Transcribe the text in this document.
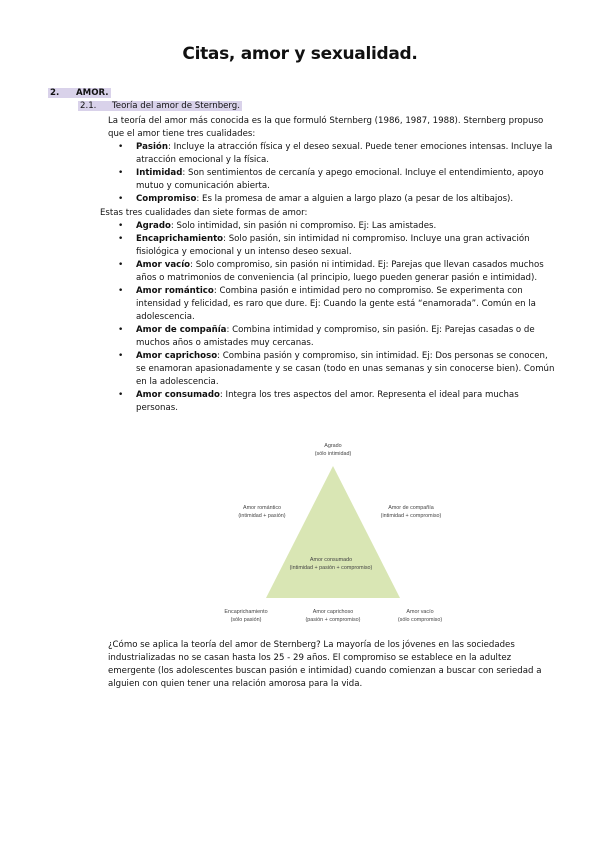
Citas, amor y sexualidad.
2. AMOR.
2.1. Teoría del amor de Sternberg.
La teoría del amor más conocida es la que formuló Sternberg (1986, 1987, 1988). Sternberg propuso que el amor tiene tres cualidades:
• Pasión: Incluye la atracción física y el deseo sexual. Puede tener emociones intensas. Incluye la atracción emocional y la física.
• Intimidad: Son sentimientos de cercanía y apego emocional. Incluye el entendimiento, apoyo mutuo y comunicación abierta.
• Compromiso: Es la promesa de amar a alguien a largo plazo (a pesar de los altibajos).
Estas tres cualidades dan siete formas de amor:
• Agrado: Solo intimidad, sin pasión ni compromiso. Ej: Las amistades.
• Encaprichamiento: Solo pasión, sin intimidad ni compromiso. Incluye una gran activación fisiológica y emocional y un intenso deseo sexual.
• Amor vacío: Solo compromiso, sin pasión ni intimidad. Ej: Parejas que llevan casados muchos años o matrimonios de conveniencia (al principio, luego pueden generar pasión e intimidad).
• Amor romántico: Combina pasión e intimidad pero no compromiso. Se experimenta con intensidad y felicidad, es raro que dure. Ej: Cuando la gente está “enamorada”. Común en la adolescencia.
• Amor de compañía: Combina intimidad y compromiso, sin pasión. Ej: Parejas casadas o de muchos años o amistades muy cercanas.
• Amor caprichoso: Combina pasión y compromiso, sin intimidad. Ej: Dos personas se conocen, se enamoran apasionadamente y se casan (todo en unas semanas y sin conocerse bien). Común en la adolescencia.
• Amor consumado: Integra los tres aspectos del amor. Representa el ideal para muchas personas.
Agrado
(sólo intimidad)
Amor romántico
(intimidad + pasión)
Amor de compañía
(intimidad + compromiso)
Amor consumado
(intimidad + pasión + compromiso)
Encaprichamiento
(sólo pasión)
Amor caprichoso
(pasión + compromiso)
Amor vacío
(sólo compromiso)
¿Cómo se aplica la teoría del amor de Sternberg? La mayoría de los jóvenes en las sociedades industrializadas no se casan hasta los 25 - 29 años. El compromiso se establece en la adultez emergente (los adolescentes buscan pasión e intimidad) cuando comienzan a buscar con seriedad a alguien con quien tener una relación amorosa para la vida.
